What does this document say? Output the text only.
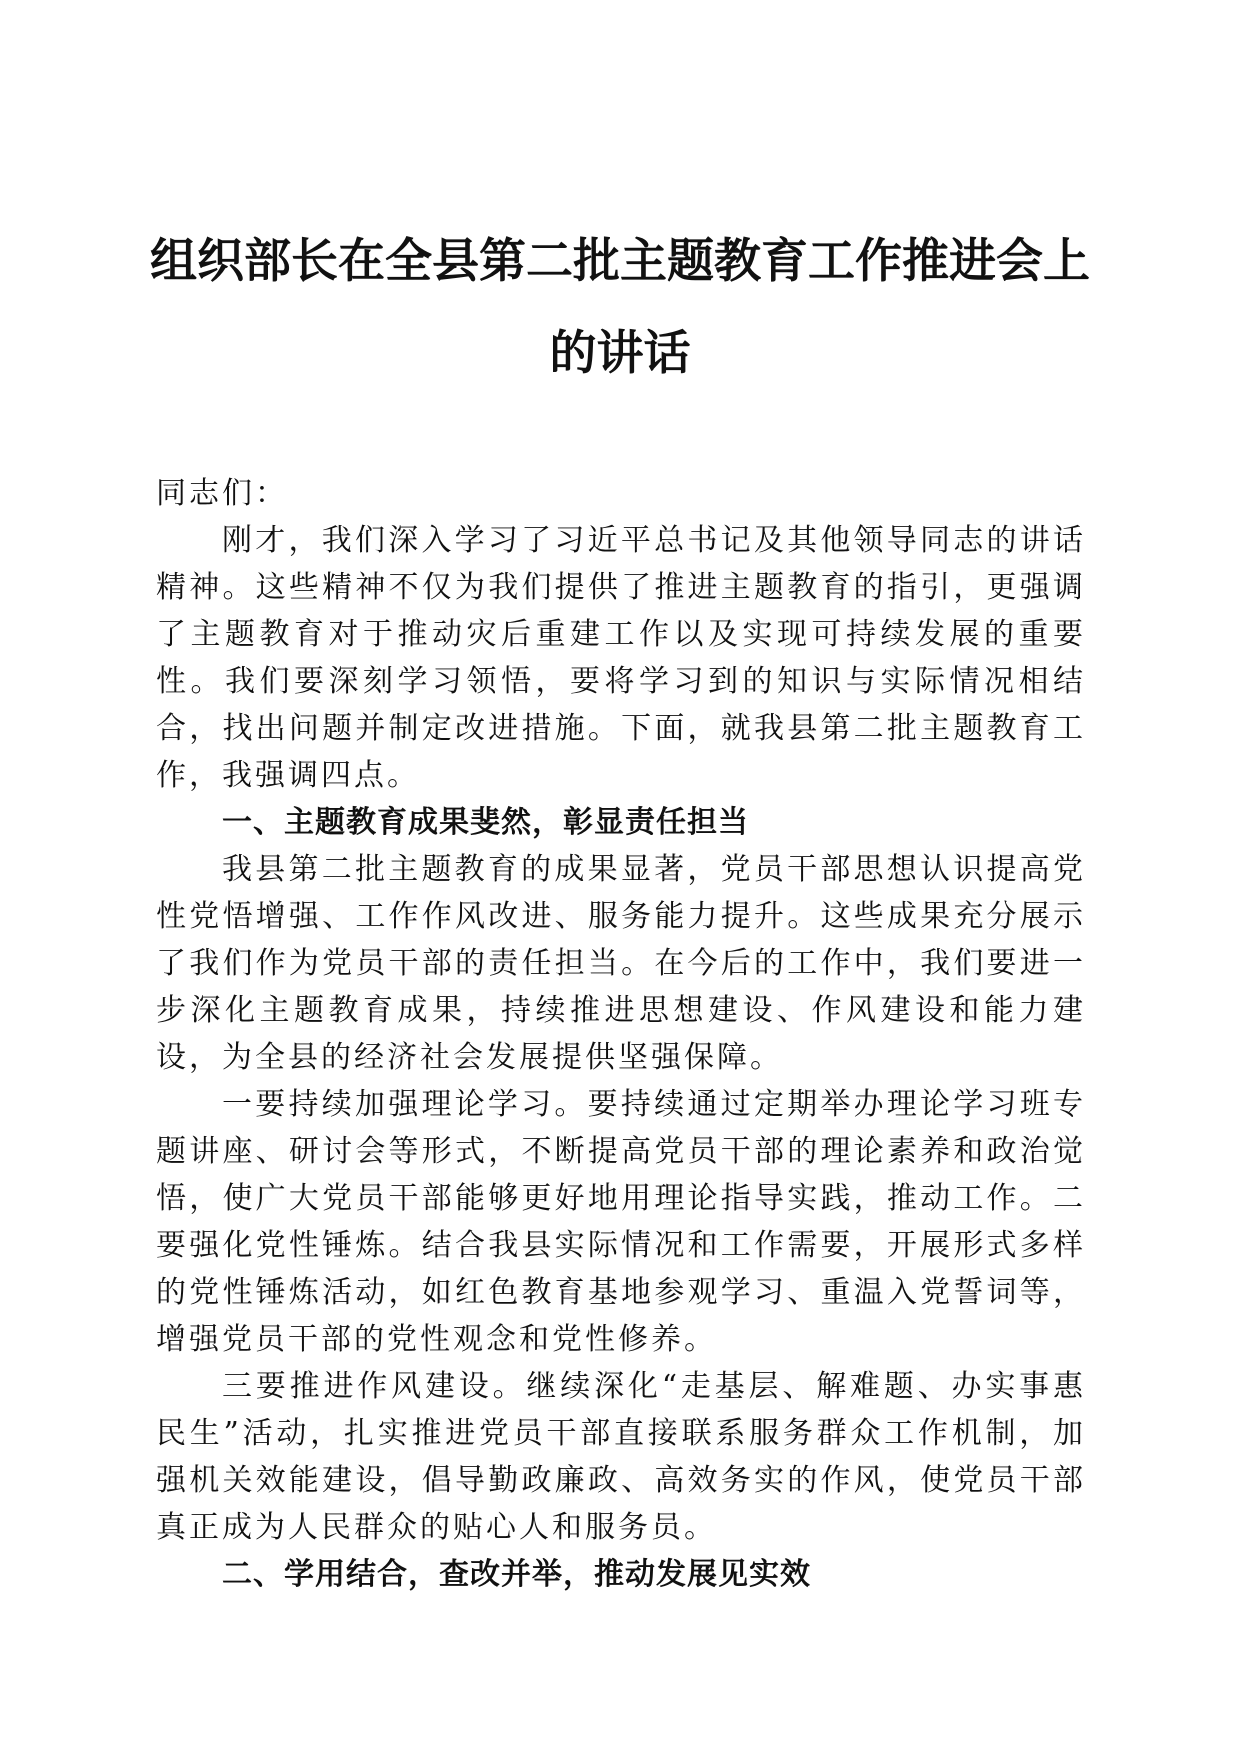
组织部长在全县第二批主题教育工作推进会上
的讲话

同志们：

刚才，我们深入学习了习近平总书记及其他领导同志的讲话精神。这些精神不仅为我们提供了推进主题教育的指引，更强调了主题教育对于推动灾后重建工作以及实现可持续发展的重要性。我们要深刻学习领悟，要将学习到的知识与实际情况相结合，找出问题并制定改进措施。下面，就我县第二批主题教育工作，我强调四点。

一、主题教育成果斐然，彰显责任担当

我县第二批主题教育的成果显著，党员干部思想认识提高党性党悟增强、工作作风改进、服务能力提升。这些成果充分展示了我们作为党员干部的责任担当。在今后的工作中，我们要进一步深化主题教育成果，持续推进思想建设、作风建设和能力建设，为全县的经济社会发展提供坚强保障。

一要持续加强理论学习。要持续通过定期举办理论学习班专题讲座、研讨会等形式，不断提高党员干部的理论素养和政治觉悟，使广大党员干部能够更好地用理论指导实践，推动工作。二要强化党性锤炼。结合我县实际情况和工作需要，开展形式多样的党性锤炼活动，如红色教育基地参观学习、重温入党誓词等，增强党员干部的党性观念和党性修养。

三要推进作风建设。继续深化“走基层、解难题、办实事惠民生”活动，扎实推进党员干部直接联系服务群众工作机制，加强机关效能建设，倡导勤政廉政、高效务实的作风，使党员干部真正成为人民群众的贴心人和服务员。

二、学用结合，查改并举，推动发展见实效
